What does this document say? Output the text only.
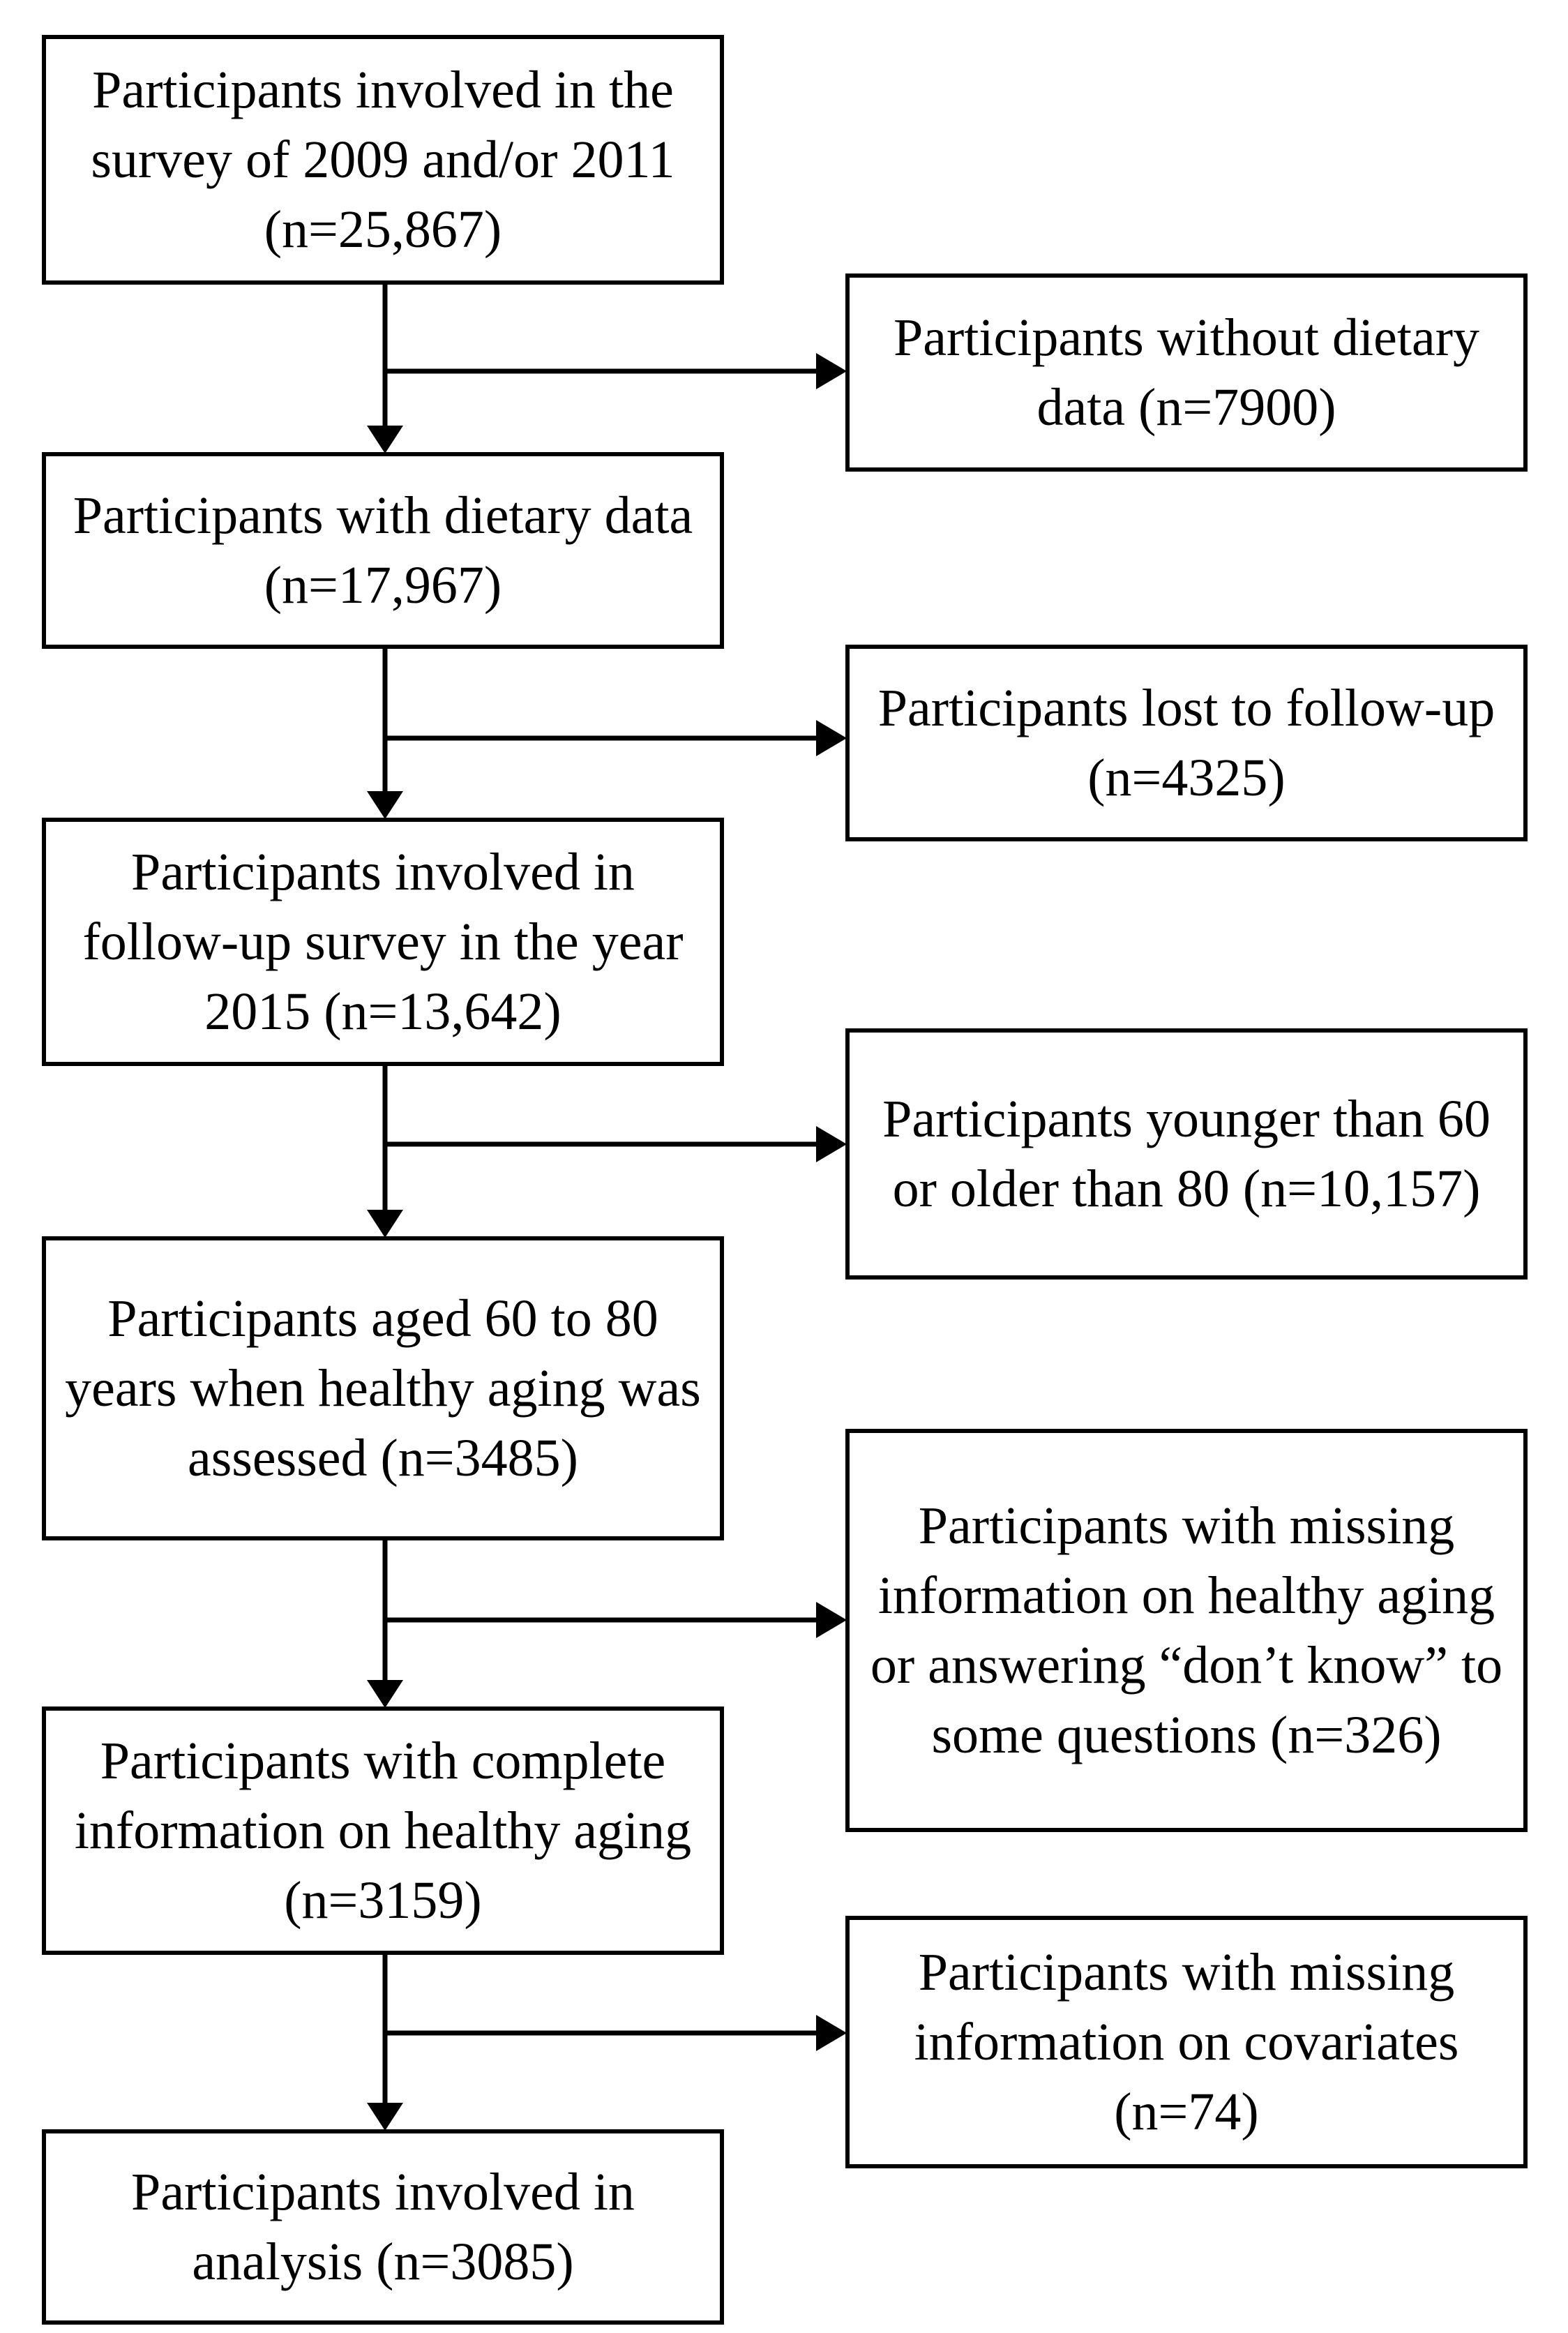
Participants involved in the survey of 2009 and/or 2011 (n=25,867)
Participants with dietary data (n=17,967)
Participants involved in follow-up survey in the year 2015 (n=13,642)
Participants aged 60 to 80 years when healthy aging was assessed (n=3485)
Participants with complete information on healthy aging (n=3159)
Participants involved in analysis (n=3085)
Participants without dietary data (n=7900)
Participants lost to follow-up (n=4325)
Participants younger than 60 or older than 80 (n=10,157)
Participants with missing information on healthy aging or answering “don’t know” to some questions (n=326)
Participants with missing information on covariates (n=74)
